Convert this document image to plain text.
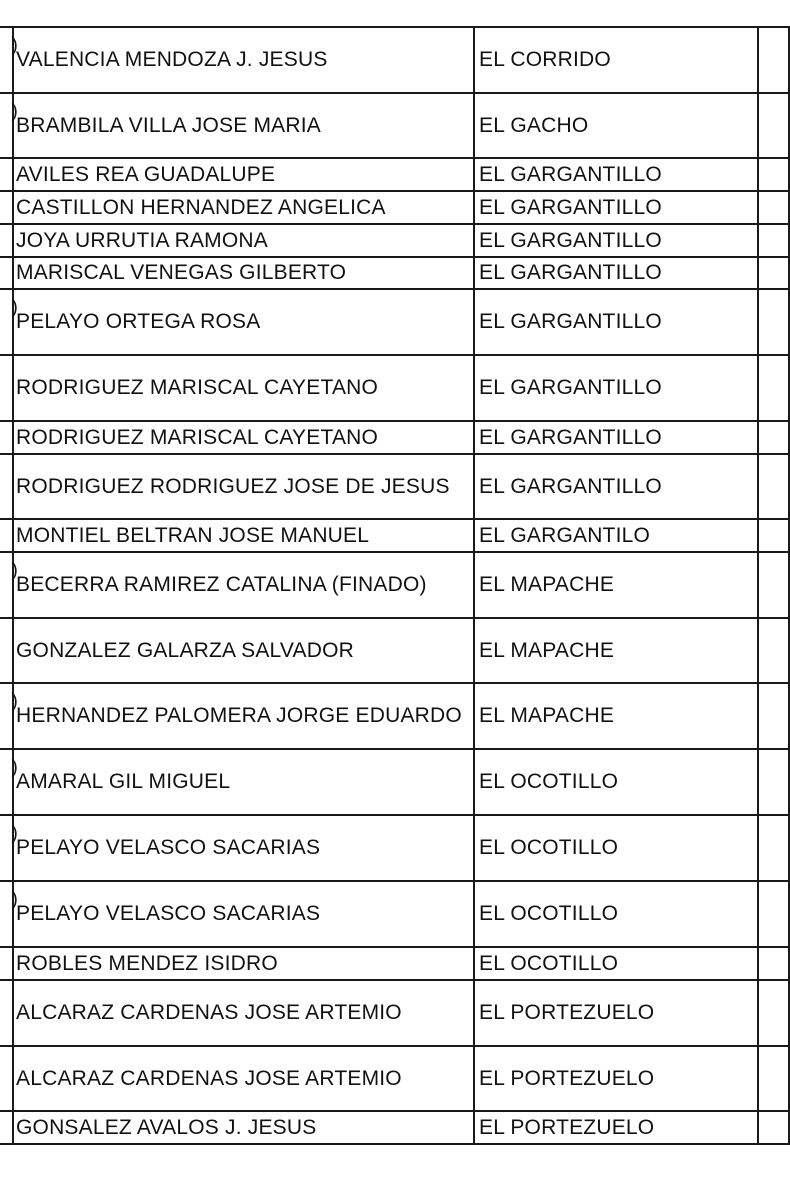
)	VALENCIA MENDOZA J. JESUS	EL CORRIDO	
)	BRAMBILA VILLA JOSE MARIA	EL GACHO	
	AVILES REA GUADALUPE	EL GARGANTILLO	
	CASTILLON HERNANDEZ ANGELICA	EL GARGANTILLO	
	JOYA URRUTIA RAMONA	EL GARGANTILLO	
	MARISCAL VENEGAS GILBERTO	EL GARGANTILLO	
)	PELAYO ORTEGA ROSA	EL GARGANTILLO	
	RODRIGUEZ MARISCAL CAYETANO	EL GARGANTILLO	
	RODRIGUEZ MARISCAL CAYETANO	EL GARGANTILLO	
	RODRIGUEZ RODRIGUEZ JOSE DE JESUS	EL GARGANTILLO	
	MONTIEL BELTRAN JOSE MANUEL	EL GARGANTILO	
)	BECERRA RAMIREZ CATALINA (FINADO)	EL MAPACHE	
	GONZALEZ GALARZA SALVADOR	EL MAPACHE	
)	HERNANDEZ PALOMERA JORGE EDUARDO	EL MAPACHE	
)	AMARAL GIL MIGUEL	EL OCOTILLO	
)	PELAYO VELASCO SACARIAS	EL OCOTILLO	
)	PELAYO VELASCO SACARIAS	EL OCOTILLO	
	ROBLES MENDEZ ISIDRO	EL OCOTILLO	
	ALCARAZ CARDENAS JOSE ARTEMIO	EL PORTEZUELO	
	ALCARAZ CARDENAS JOSE ARTEMIO	EL PORTEZUELO	
	GONSALEZ AVALOS J. JESUS	EL PORTEZUELO	
